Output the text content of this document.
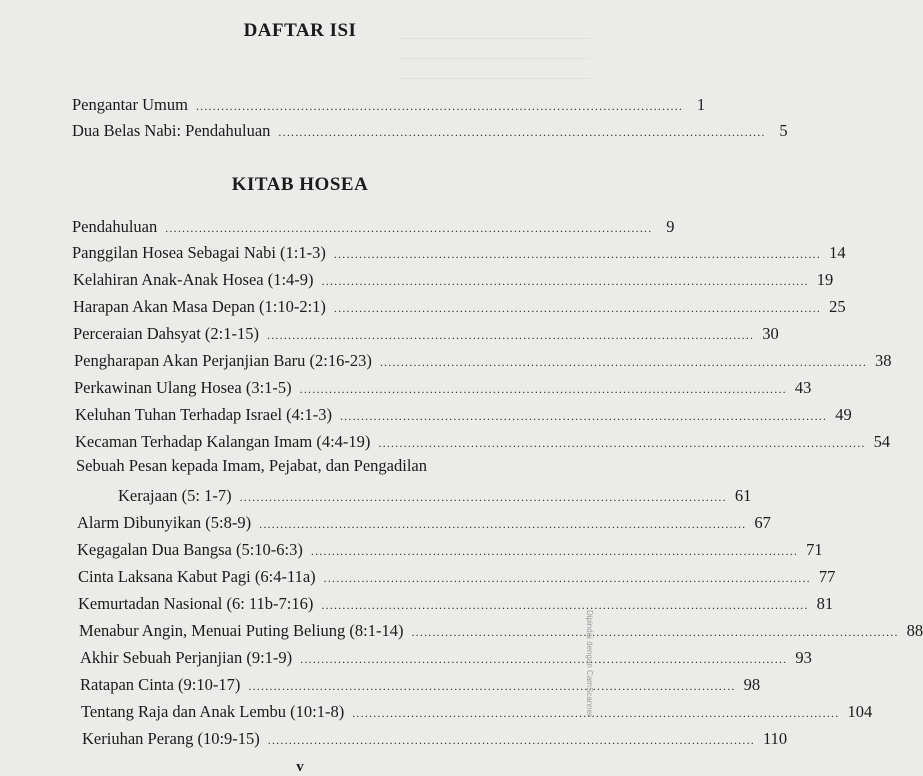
DAFTAR ISI
Pengantar Umum .................................................................................................................... 1
Dua Belas Nabi: Pendahuluan .................................................................................................................... 5
KITAB HOSEA
Pendahuluan .................................................................................................................... 9
Panggilan Hosea Sebagai Nabi (1:1-3) .................................................................................................................... 14
Kelahiran Anak-Anak Hosea (1:4-9) .................................................................................................................... 19
Harapan Akan Masa Depan (1:10-2:1) .................................................................................................................... 25
Perceraian Dahsyat (2:1-15) .................................................................................................................... 30
Pengharapan Akan Perjanjian Baru (2:16-23) .................................................................................................................... 38
Perkawinan Ulang Hosea (3:1-5) .................................................................................................................... 43
Keluhan Tuhan Terhadap Israel (4:1-3) .................................................................................................................... 49
Kecaman Terhadap Kalangan Imam (4:4-19) .................................................................................................................... 54
Sebuah Pesan kepada Imam, Pejabat, dan Pengadilan
Kerajaan (5: 1-7) .................................................................................................................... 61
Alarm Dibunyikan (5:8-9) .................................................................................................................... 67
Kegagalan Dua Bangsa (5:10-6:3) .................................................................................................................... 71
Cinta Laksana Kabut Pagi (6:4-11a) .................................................................................................................... 77
Kemurtadan Nasional (6: 11b-7:16) .................................................................................................................... 81
Menabur Angin, Menuai Puting Beliung (8:1-14) .................................................................................................................... 88
Akhir Sebuah Perjanjian (9:1-9) .................................................................................................................... 93
Ratapan Cinta (9:10-17) .................................................................................................................... 98
Tentang Raja dan Anak Lembu (10:1-8) .................................................................................................................... 104
Keriuhan Perang (10:9-15) .................................................................................................................... 110
v
Dipindai dengan CamScanner
